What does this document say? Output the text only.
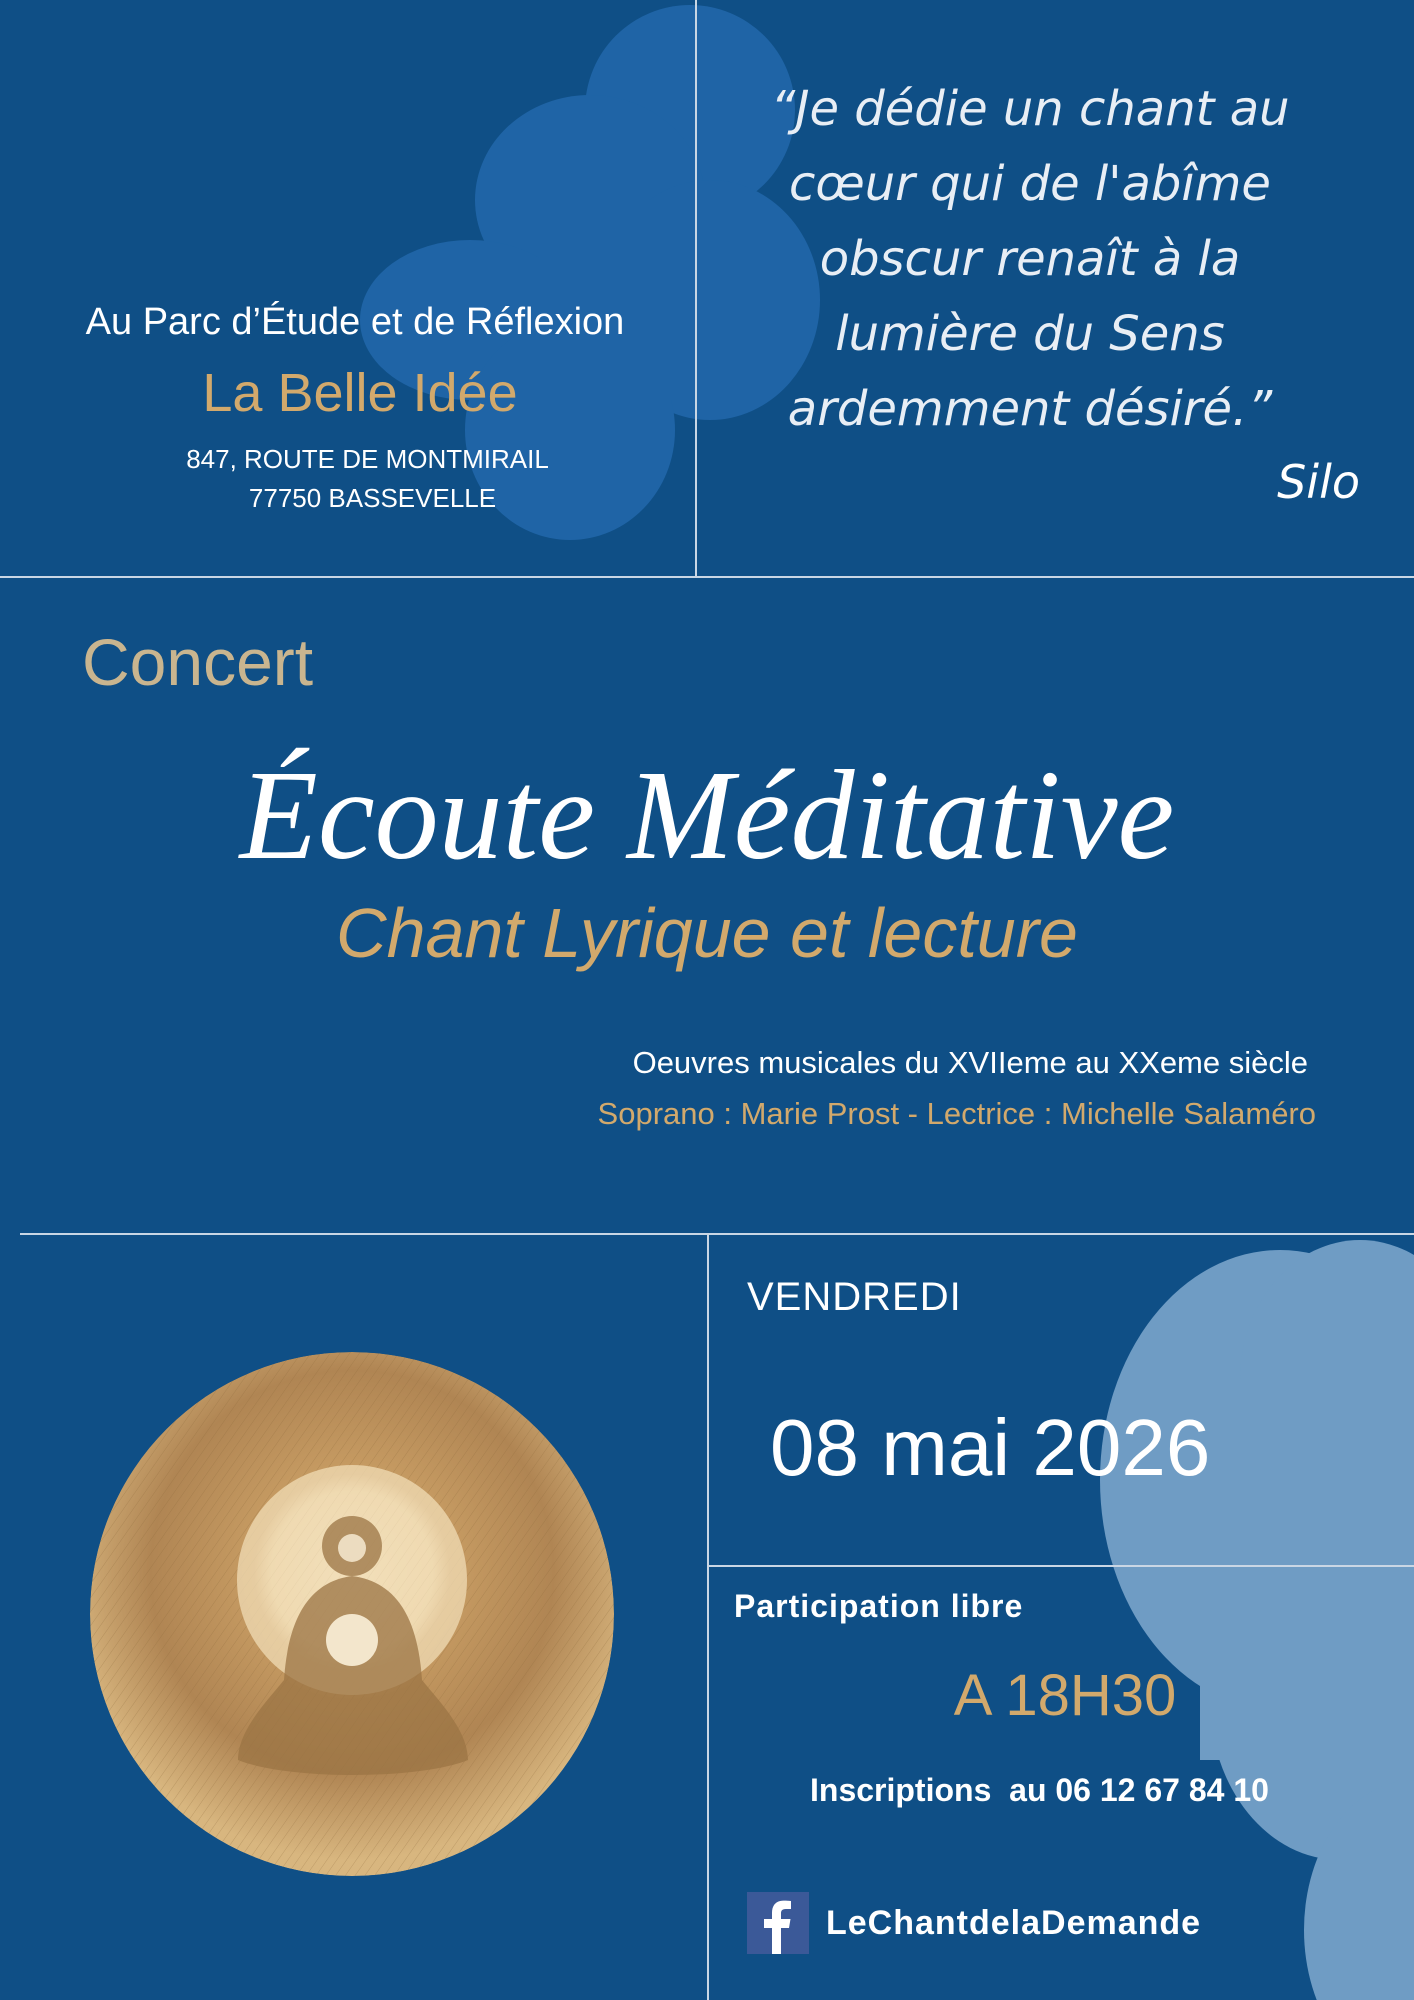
Au Parc d’Étude et de Réflexion
La Belle Idée
847, ROUTE DE MONTMIRAIL
77750 BASSEVELLE
“Je dédie un chant au
cœur qui de l'abîme
obscur renaît à la
lumière du Sens
ardemment désiré.”
Silo
Concert
Écoute Méditative
Chant Lyrique et lecture
Oeuvres musicales du XVIIeme au XXeme siècle
Soprano : Marie Prost - Lectrice : Michelle Salaméro
VENDREDI
08 mai 2026
Participation libre
A 18H30
Inscriptions  au 06 12 67 84 10
LeChantdelaDemande
